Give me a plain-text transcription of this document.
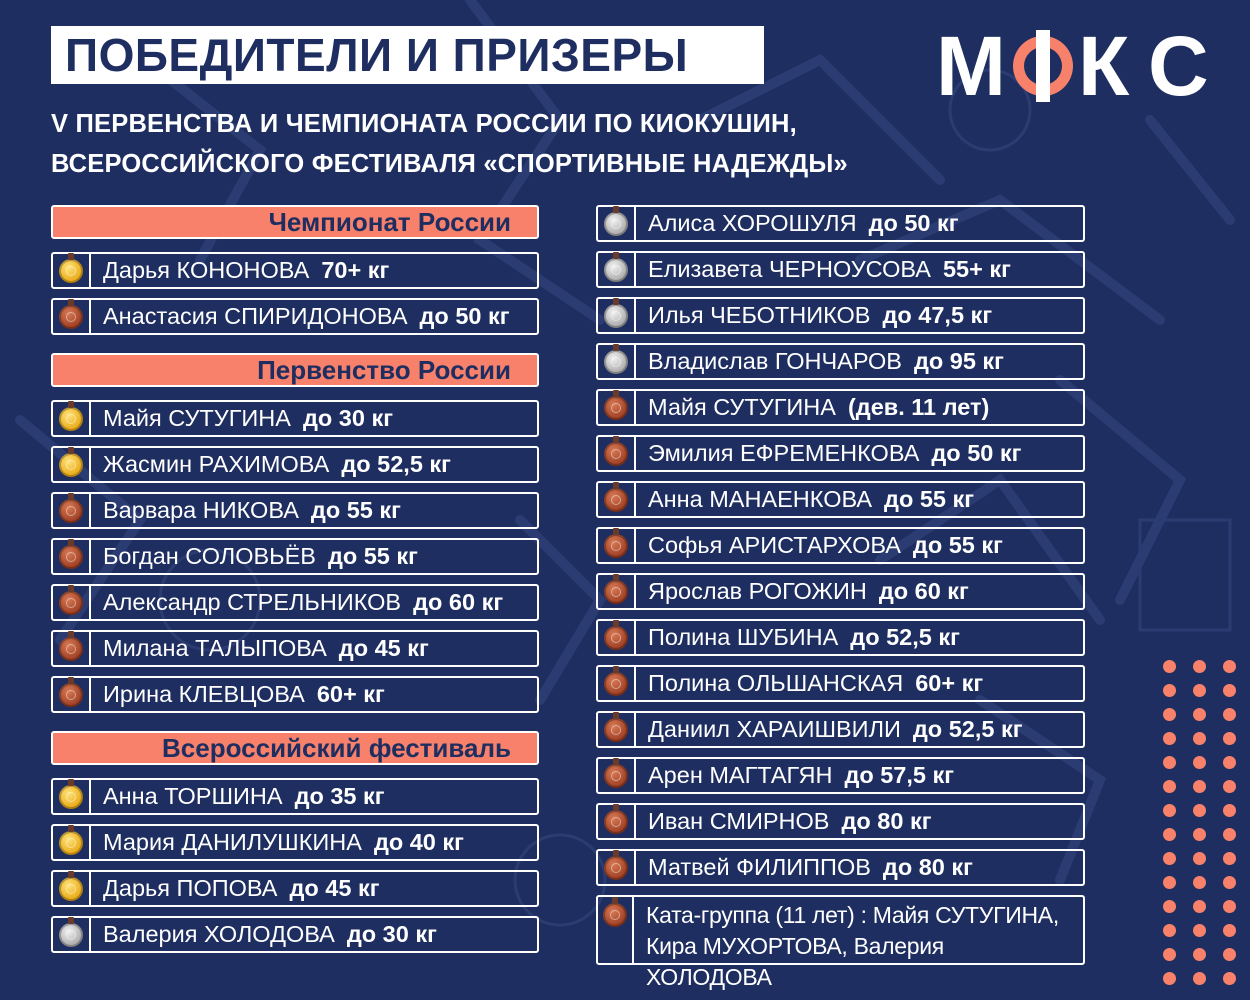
ПОБЕДИТЕЛИ И ПРИЗЕРЫ
V ПЕРВЕНСТВА И ЧЕМПИОНАТА РОССИИ ПО КИОКУШИН,
ВСЕРОССИЙСКОГО ФЕСТИВАЛЯ «СПОРТИВНЫЕ НАДЕЖДЫ»
М К С
Чемпионат России
Дарья КОНОНОВА 70+ кг
Анастасия СПИРИДОНОВА до 50 кг
Первенство России
Майя СУТУГИНА до 30 кг
Жасмин РАХИМОВА до 52,5 кг
Варвара НИКОВА до 55 кг
Богдан СОЛОВЬЁВ до 55 кг
Александр СТРЕЛЬНИКОВ до 60 кг
Милана ТАЛЫПОВА до 45 кг
Ирина КЛЕВЦОВА 60+ кг
Всероссийский фестиваль
Анна ТОРШИНА до 35 кг
Мария ДАНИЛУШКИНА до 40 кг
Дарья ПОПОВА до 45 кг
Валерия ХОЛОДОВА до 30 кг
Алиса ХОРОШУЛЯ до 50 кг
Елизавета ЧЕРНОУСОВА 55+ кг
Илья ЧЕБОТНИКОВ до 47,5 кг
Владислав ГОНЧАРОВ до 95 кг
Майя СУТУГИНА (дев. 11 лет)
Эмилия ЕФРЕМЕНКОВА до 50 кг
Анна МАНАЕНКОВА до 55 кг
Софья АРИСТАРХОВА до 55 кг
Ярослав РОГОЖИН до 60 кг
Полина ШУБИНА до 52,5 кг
Полина ОЛЬШАНСКАЯ 60+ кг
Даниил ХАРАИШВИЛИ до 52,5 кг
Арен МАГТАГЯН до 57,5 кг
Иван СМИРНОВ до 80 кг
Матвей ФИЛИППОВ до 80 кг
Ката-группа (11 лет) : Майя СУТУГИНА, Кира МУХОРТОВА, Валерия ХОЛОДОВА
